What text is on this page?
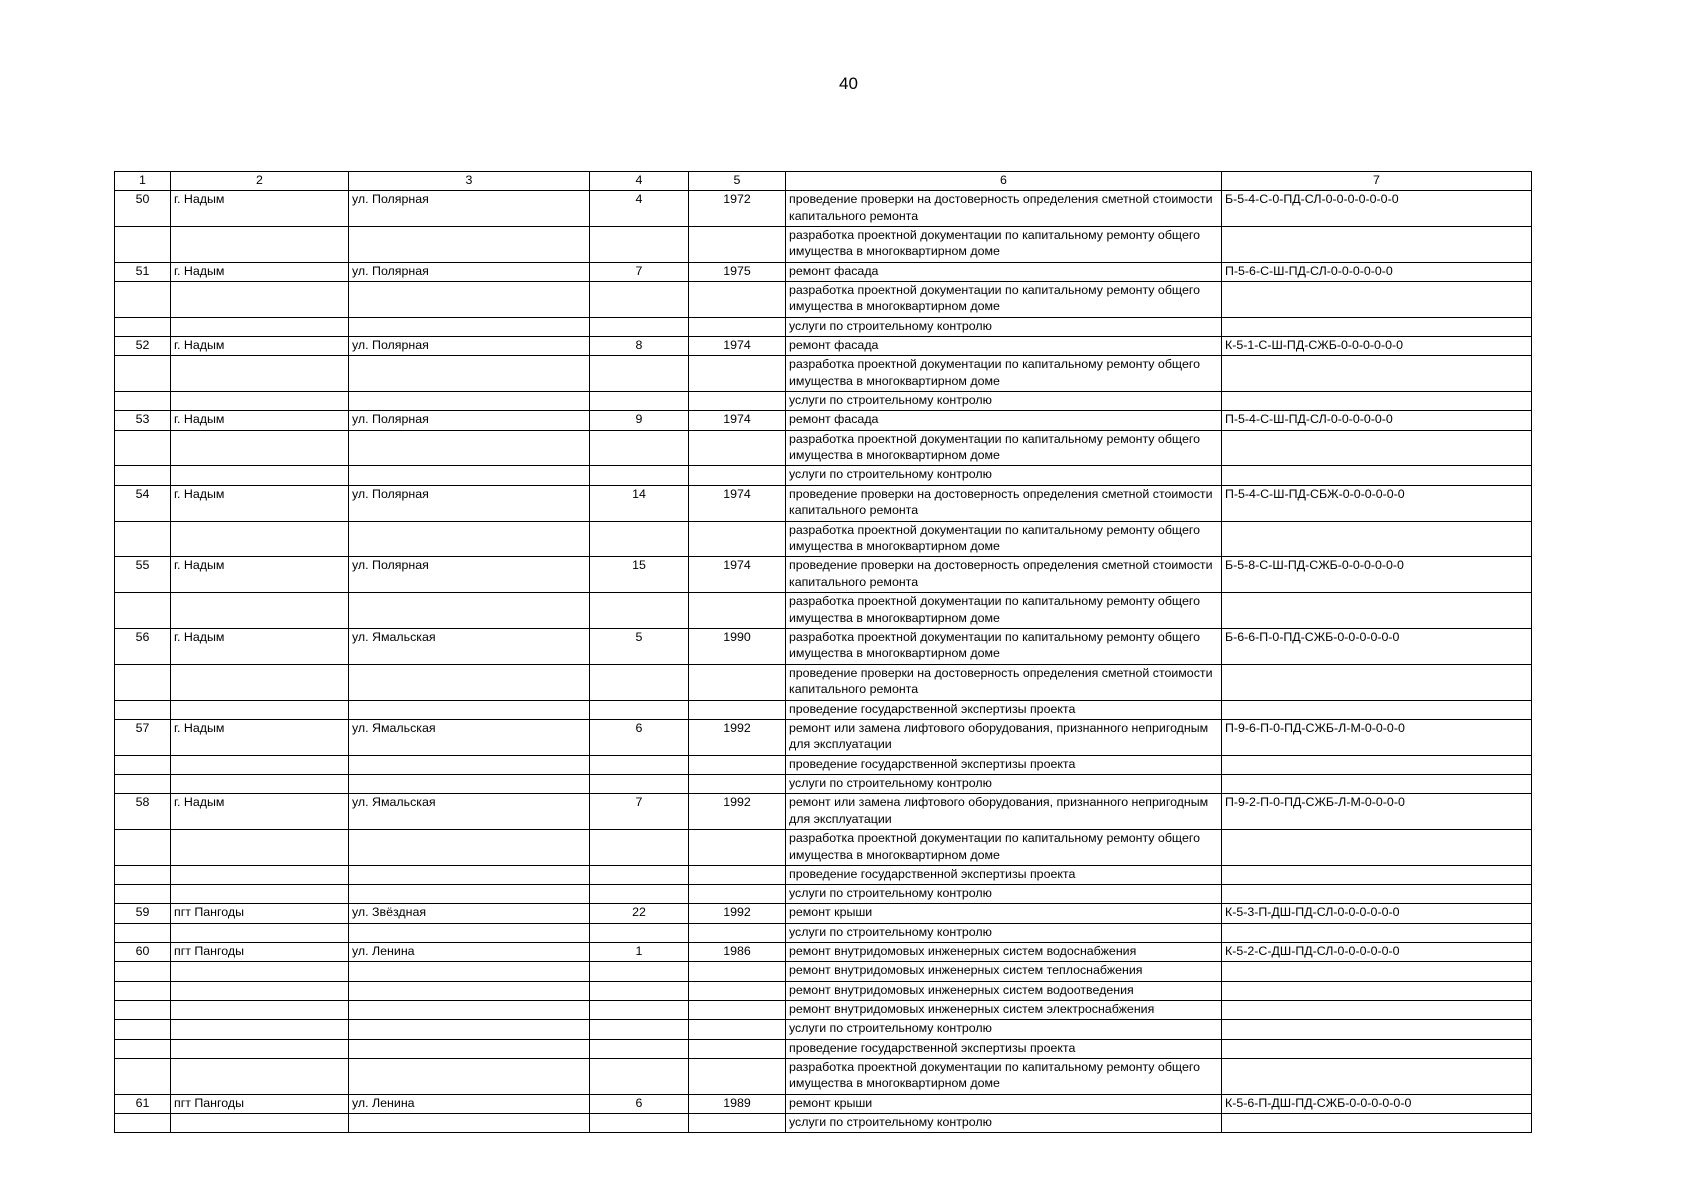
40
1	2	3	4	5	6	7
50	г. Надым	ул. Полярная	4	1972	проведение проверки на достоверность определения сметной стоимости капитального ремонта	Б-5-4-С-0-ПД-СЛ-0-0-0-0-0-0-0
					разработка проектной документации по капитальному ремонту общего имущества в многоквартирном доме	
51	г. Надым	ул. Полярная	7	1975	ремонт фасада	П-5-6-С-Ш-ПД-СЛ-0-0-0-0-0-0
					разработка проектной документации по капитальному ремонту общего имущества в многоквартирном доме	
					услуги по строительному контролю	
52	г. Надым	ул. Полярная	8	1974	ремонт фасада	К-5-1-С-Ш-ПД-СЖБ-0-0-0-0-0-0
					разработка проектной документации по капитальному ремонту общего имущества в многоквартирном доме	
					услуги по строительному контролю	
53	г. Надым	ул. Полярная	9	1974	ремонт фасада	П-5-4-С-Ш-ПД-СЛ-0-0-0-0-0-0
					разработка проектной документации по капитальному ремонту общего имущества в многоквартирном доме	
					услуги по строительному контролю	
54	г. Надым	ул. Полярная	14	1974	проведение проверки на достоверность определения сметной стоимости капитального ремонта	П-5-4-С-Ш-ПД-СБЖ-0-0-0-0-0-0
					разработка проектной документации по капитальному ремонту общего имущества в многоквартирном доме	
55	г. Надым	ул. Полярная	15	1974	проведение проверки на достоверность определения сметной стоимости капитального ремонта	Б-5-8-С-Ш-ПД-СЖБ-0-0-0-0-0-0
					разработка проектной документации по капитальному ремонту общего имущества в многоквартирном доме	
56	г. Надым	ул. Ямальская	5	1990	разработка проектной документации по капитальному ремонту общего имущества в многоквартирном доме	Б-6-6-П-0-ПД-СЖБ-0-0-0-0-0-0
					проведение проверки на достоверность определения сметной стоимости капитального ремонта	
					проведение государственной экспертизы проекта	
57	г. Надым	ул. Ямальская	6	1992	ремонт или замена лифтового оборудования, признанного непригодным для эксплуатации	П-9-6-П-0-ПД-СЖБ-Л-М-0-0-0-0
					проведение государственной экспертизы проекта	
					услуги по строительному контролю	
58	г. Надым	ул. Ямальская	7	1992	ремонт или замена лифтового оборудования, признанного непригодным для эксплуатации	П-9-2-П-0-ПД-СЖБ-Л-М-0-0-0-0
					разработка проектной документации по капитальному ремонту общего имущества в многоквартирном доме	
					проведение государственной экспертизы проекта	
					услуги по строительному контролю	
59	пгт Пангоды	ул. Звёздная	22	1992	ремонт крыши	К-5-3-П-ДШ-ПД-СЛ-0-0-0-0-0-0
					услуги по строительному контролю	
60	пгт Пангоды	ул. Ленина	1	1986	ремонт внутридомовых инженерных систем водоснабжения	К-5-2-С-ДШ-ПД-СЛ-0-0-0-0-0-0
					ремонт внутридомовых инженерных систем теплоснабжения	
					ремонт внутридомовых инженерных систем водоотведения	
					ремонт внутридомовых инженерных систем электроснабжения	
					услуги по строительному контролю	
					проведение государственной экспертизы проекта	
					разработка проектной документации по капитальному ремонту общего имущества в многоквартирном доме	
61	пгт Пангоды	ул. Ленина	6	1989	ремонт крыши	К-5-6-П-ДШ-ПД-СЖБ-0-0-0-0-0-0
					услуги по строительному контролю	
